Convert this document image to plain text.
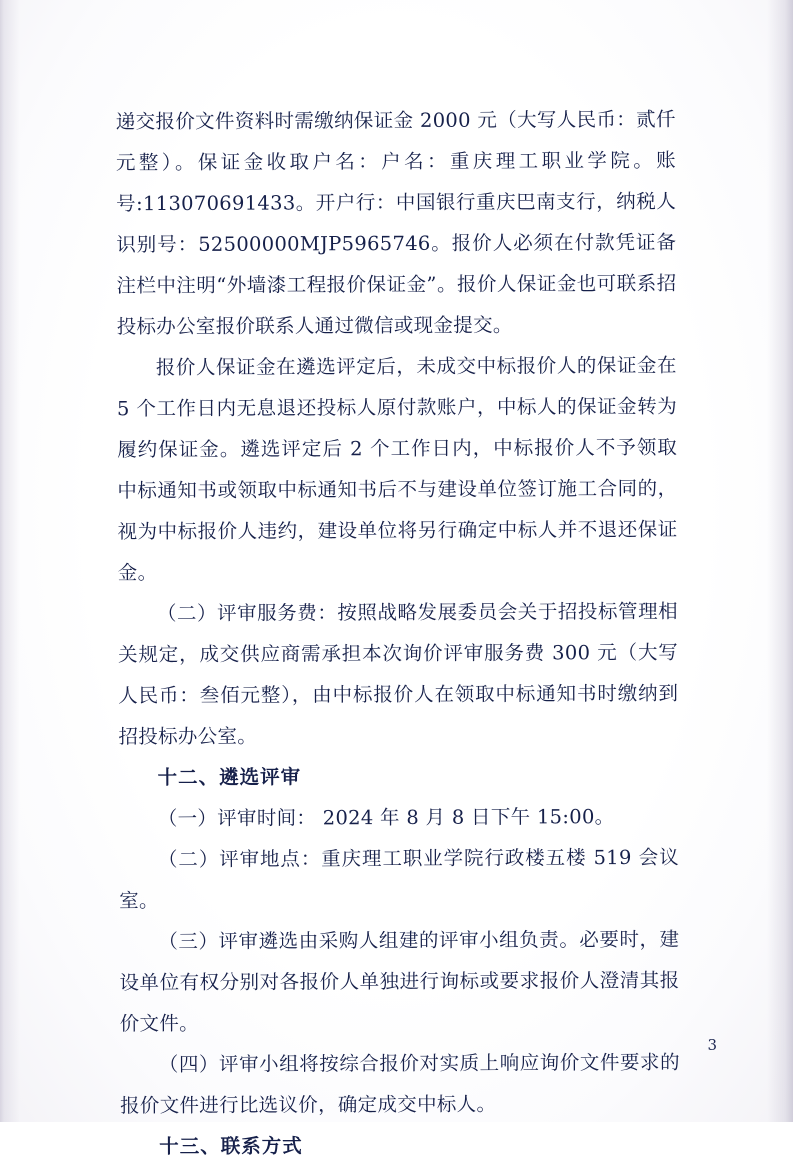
递交报价文件资料时需缴纳保证金 2000 元（大写人民币：贰仟元整）。保证金收取户名：户名：重庆理工职业学院。账号:113070691433。开户行：中国银行重庆巴南支行，纳税人识别号：52500000MJP5965746。报价人必须在付款凭证备注栏中注明“外墙漆工程报价保证金”。报价人保证金也可联系招投标办公室报价联系人通过微信或现金提交。

报价人保证金在遴选评定后，未成交中标报价人的保证金在 5 个工作日内无息退还投标人原付款账户，中标人的保证金转为履约保证金。遴选评定后 2 个工作日内，中标报价人不予领取中标通知书或领取中标通知书后不与建设单位签订施工合同的，视为中标报价人违约，建设单位将另行确定中标人并不退还保证金。

（二）评审服务费：按照战略发展委员会关于招投标管理相关规定，成交供应商需承担本次询价评审服务费 300 元（大写人民币：叁佰元整），由中标报价人在领取中标通知书时缴纳到招投标办公室。

十二、遴选评审

（一）评审时间： 2024 年 8 月 8 日下午 15:00。

（二）评审地点：重庆理工职业学院行政楼五楼 519 会议室。

（三）评审遴选由采购人组建的评审小组负责。必要时，建设单位有权分别对各报价人单独进行询标或要求报价人澄清其报价文件。

（四）评审小组将按综合报价对实质上响应询价文件要求的报价文件进行比选议价，确定成交中标人。

十三、联系方式
3
